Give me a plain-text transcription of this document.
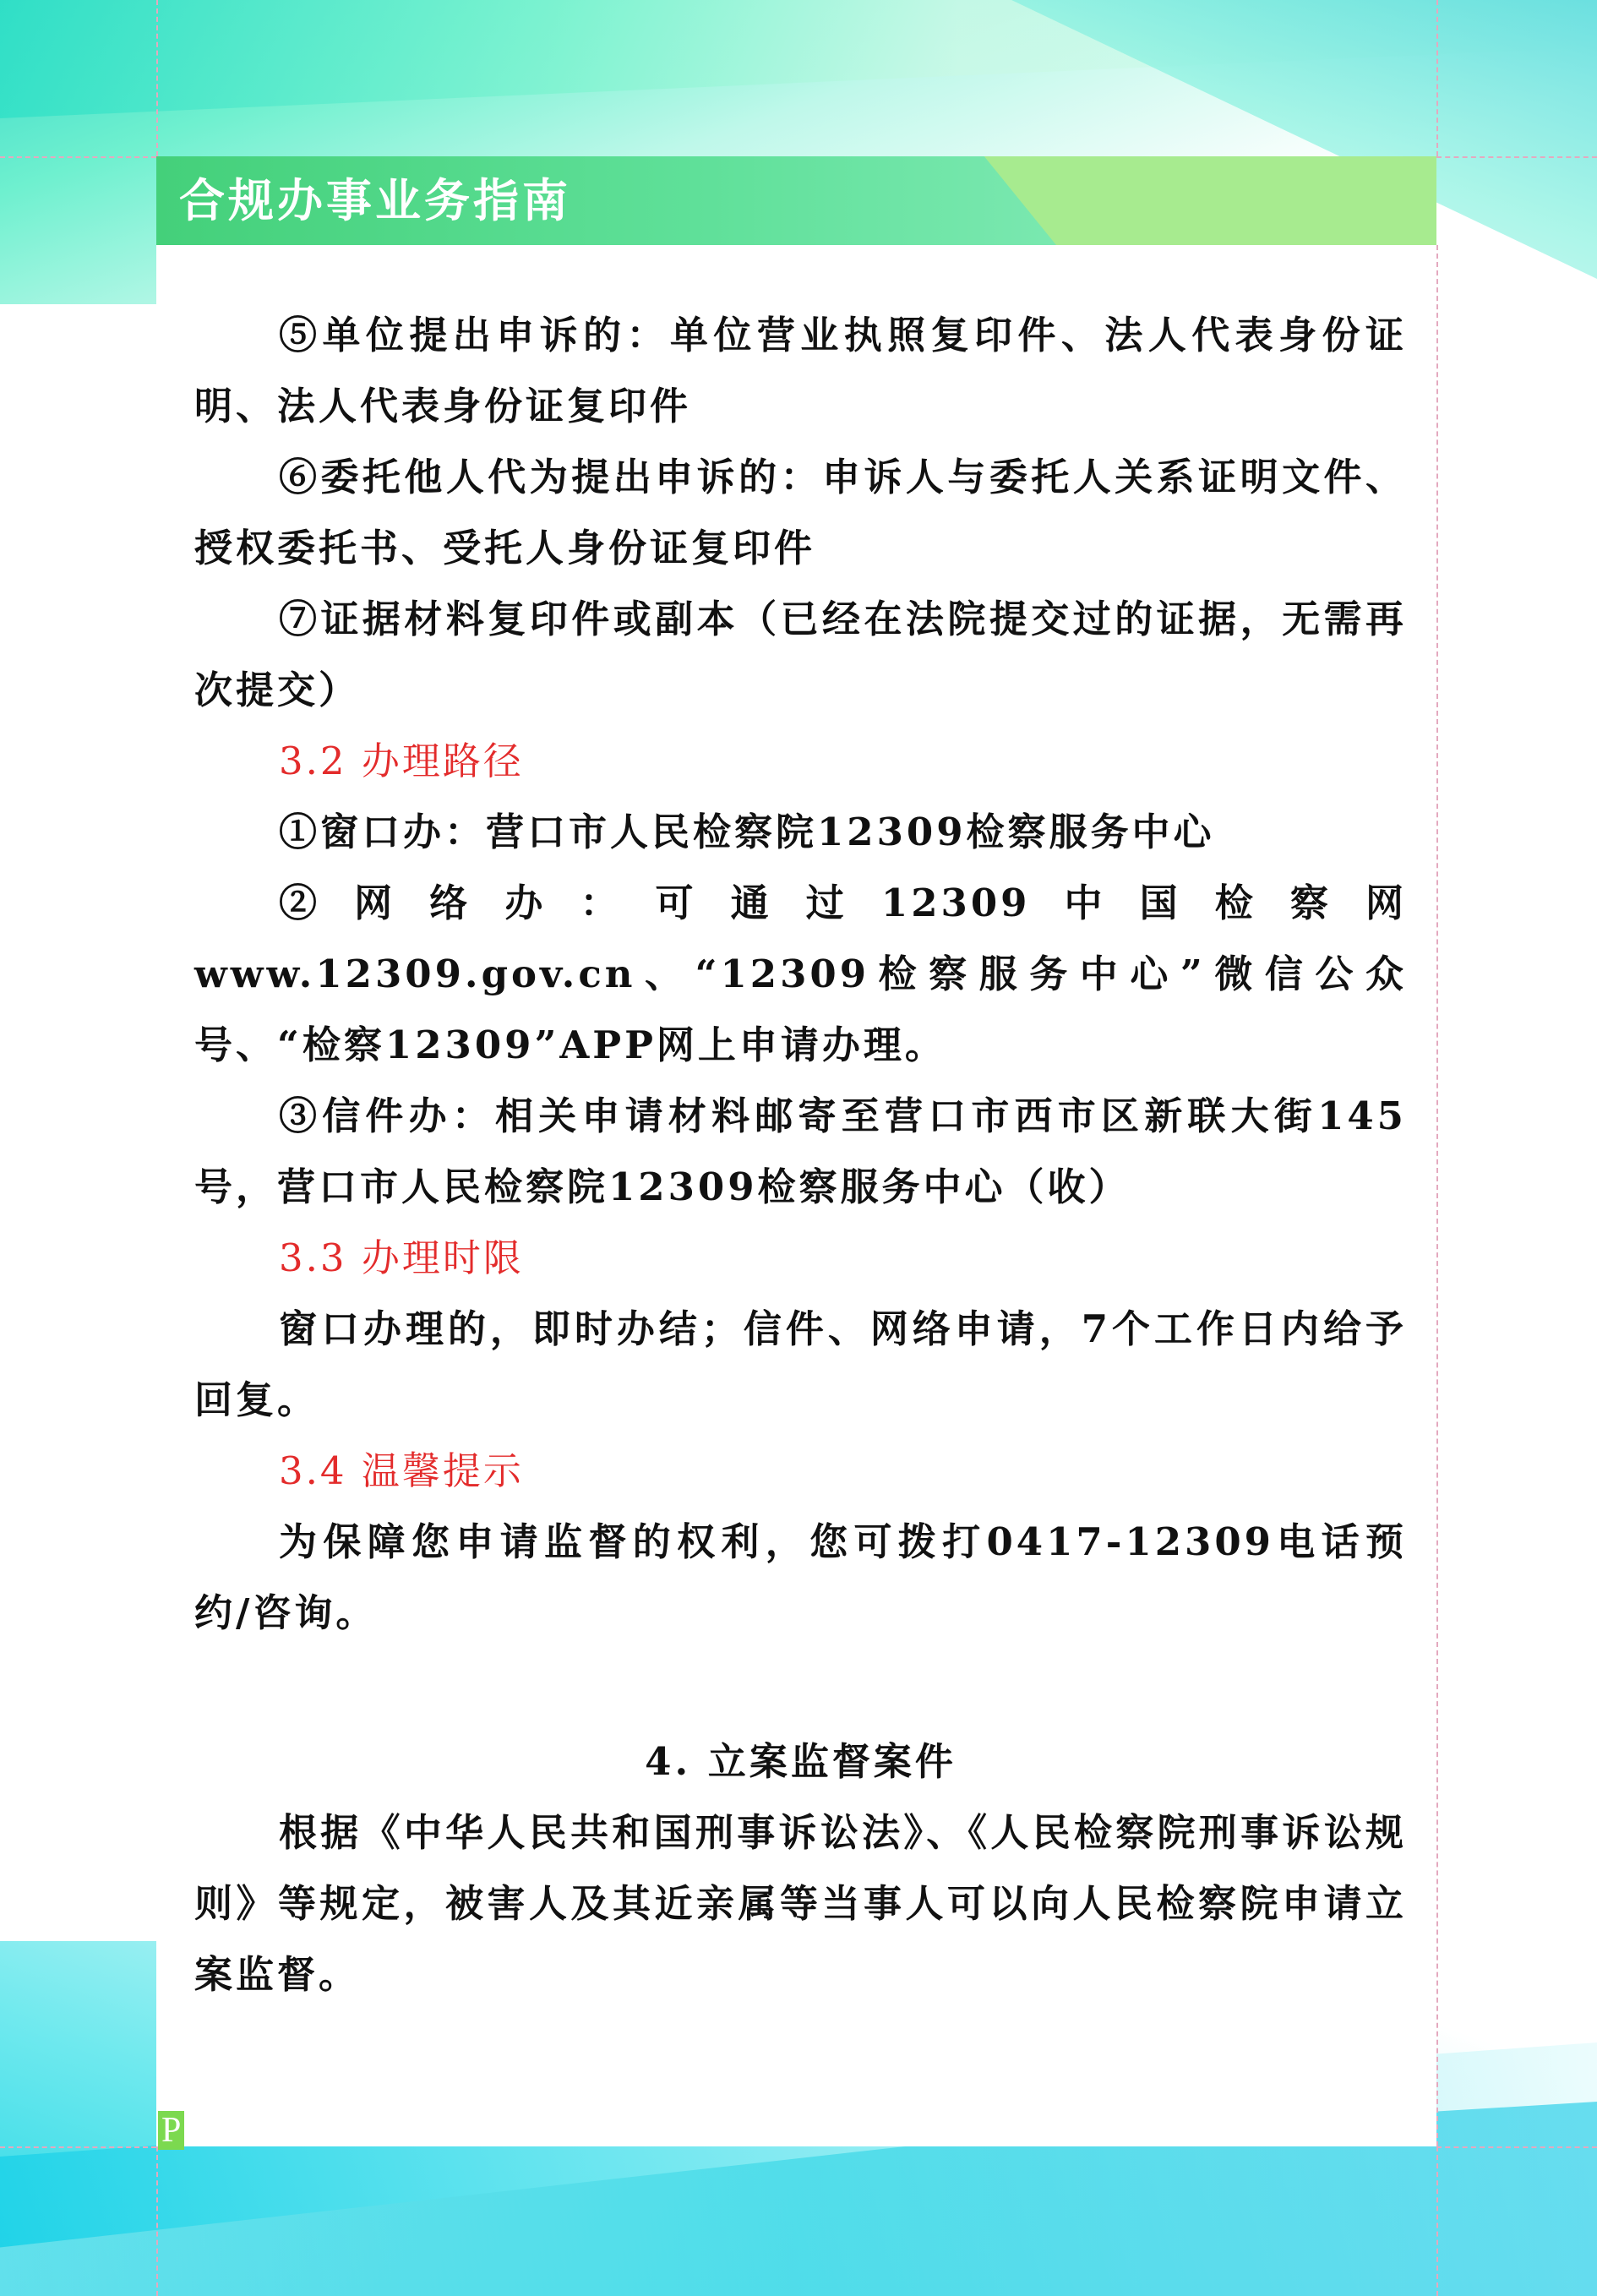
合规办事业务指南

⑤单位提出申诉的：单位营业执照复印件、法人代表身份证明、法人代表身份证复印件

⑥委托他人代为提出申诉的：申诉人与委托人关系证明文件、授权委托书、受托人身份证复印件

⑦证据材料复印件或副本（已经在法院提交过的证据，无需再次提交）

3.2 办理路径

①窗口办：营口市人民检察院12309检察服务中心

②网络办：可通过12309中国检察网www.12309.gov.cn、“12309检察服务中心”微信公众号、“检察12309”APP网上申请办理。

③信件办：相关申请材料邮寄至营口市西市区新联大街145号，营口市人民检察院12309检察服务中心（收）

3.3 办理时限

窗口办理的，即时办结；信件、网络申请，7个工作日内给予回复。

3.4 温馨提示

为保障您申请监督的权利，您可拨打0417-12309电话预约/咨询。

4. 立案监督案件

根据《中华人民共和国刑事诉讼法》、《人民检察院刑事诉讼规则》等规定，被害人及其近亲属等当事人可以向人民检察院申请立案监督。

P 07
